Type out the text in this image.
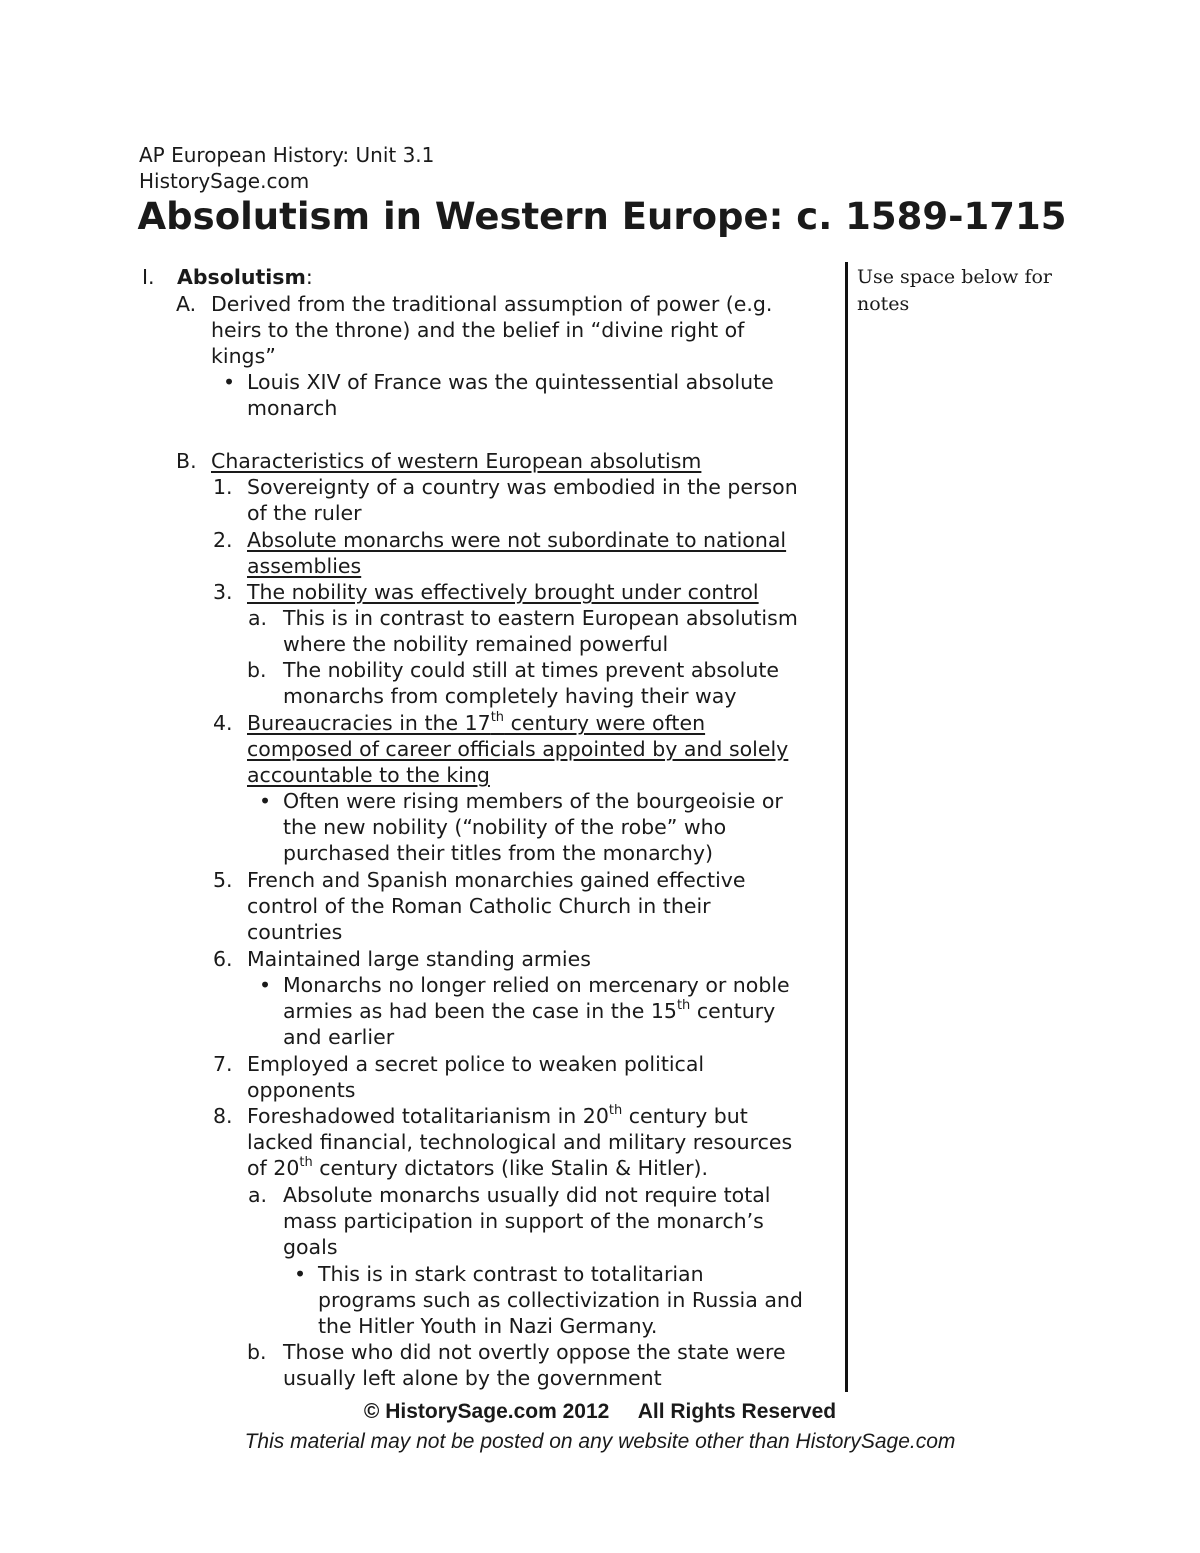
AP European History: Unit 3.1
HistorySage.com
Absolutism in Western Europe: c. 1589-1715
Use space below for notes
I. Absolutism:
A. Derived from the traditional assumption of power (e.g.
heirs to the throne) and the belief in “divine right of
kings”
•
Louis XIV of France was the quintessential absolute
monarch
B. Characteristics of western European absolutism
1. Sovereignty of a country was embodied in the person
of the ruler
2. Absolute monarchs were not subordinate to national
assemblies
3. The nobility was effectively brought under control
a. This is in contrast to eastern European absolutism
where the nobility remained powerful
b. The nobility could still at times prevent absolute
monarchs from completely having their way
4. Bureaucracies in the 17th century were often
composed of career officials appointed by and solely
accountable to the king
•
Often were rising members of the bourgeoisie or
the new nobility (“nobility of the robe” who
purchased their titles from the monarchy)
5. French and Spanish monarchies gained effective
control of the Roman Catholic Church in their
countries
6. Maintained large standing armies
•
Monarchs no longer relied on mercenary or noble
armies as had been the case in the 15th century
and earlier
7. Employed a secret police to weaken political
opponents
8. Foreshadowed totalitarianism in 20th century but
lacked financial, technological and military resources
of 20th century dictators (like Stalin & Hitler).
a. Absolute monarchs usually did not require total
mass participation in support of the monarch’s
goals
•
This is in stark contrast to totalitarian
programs such as collectivization in Russia and
the Hitler Youth in Nazi Germany.
b. Those who did not overtly oppose the state were
usually left alone by the government
© HistorySage.com 2012     All Rights Reserved
This material may not be posted on any website other than HistorySage.com
